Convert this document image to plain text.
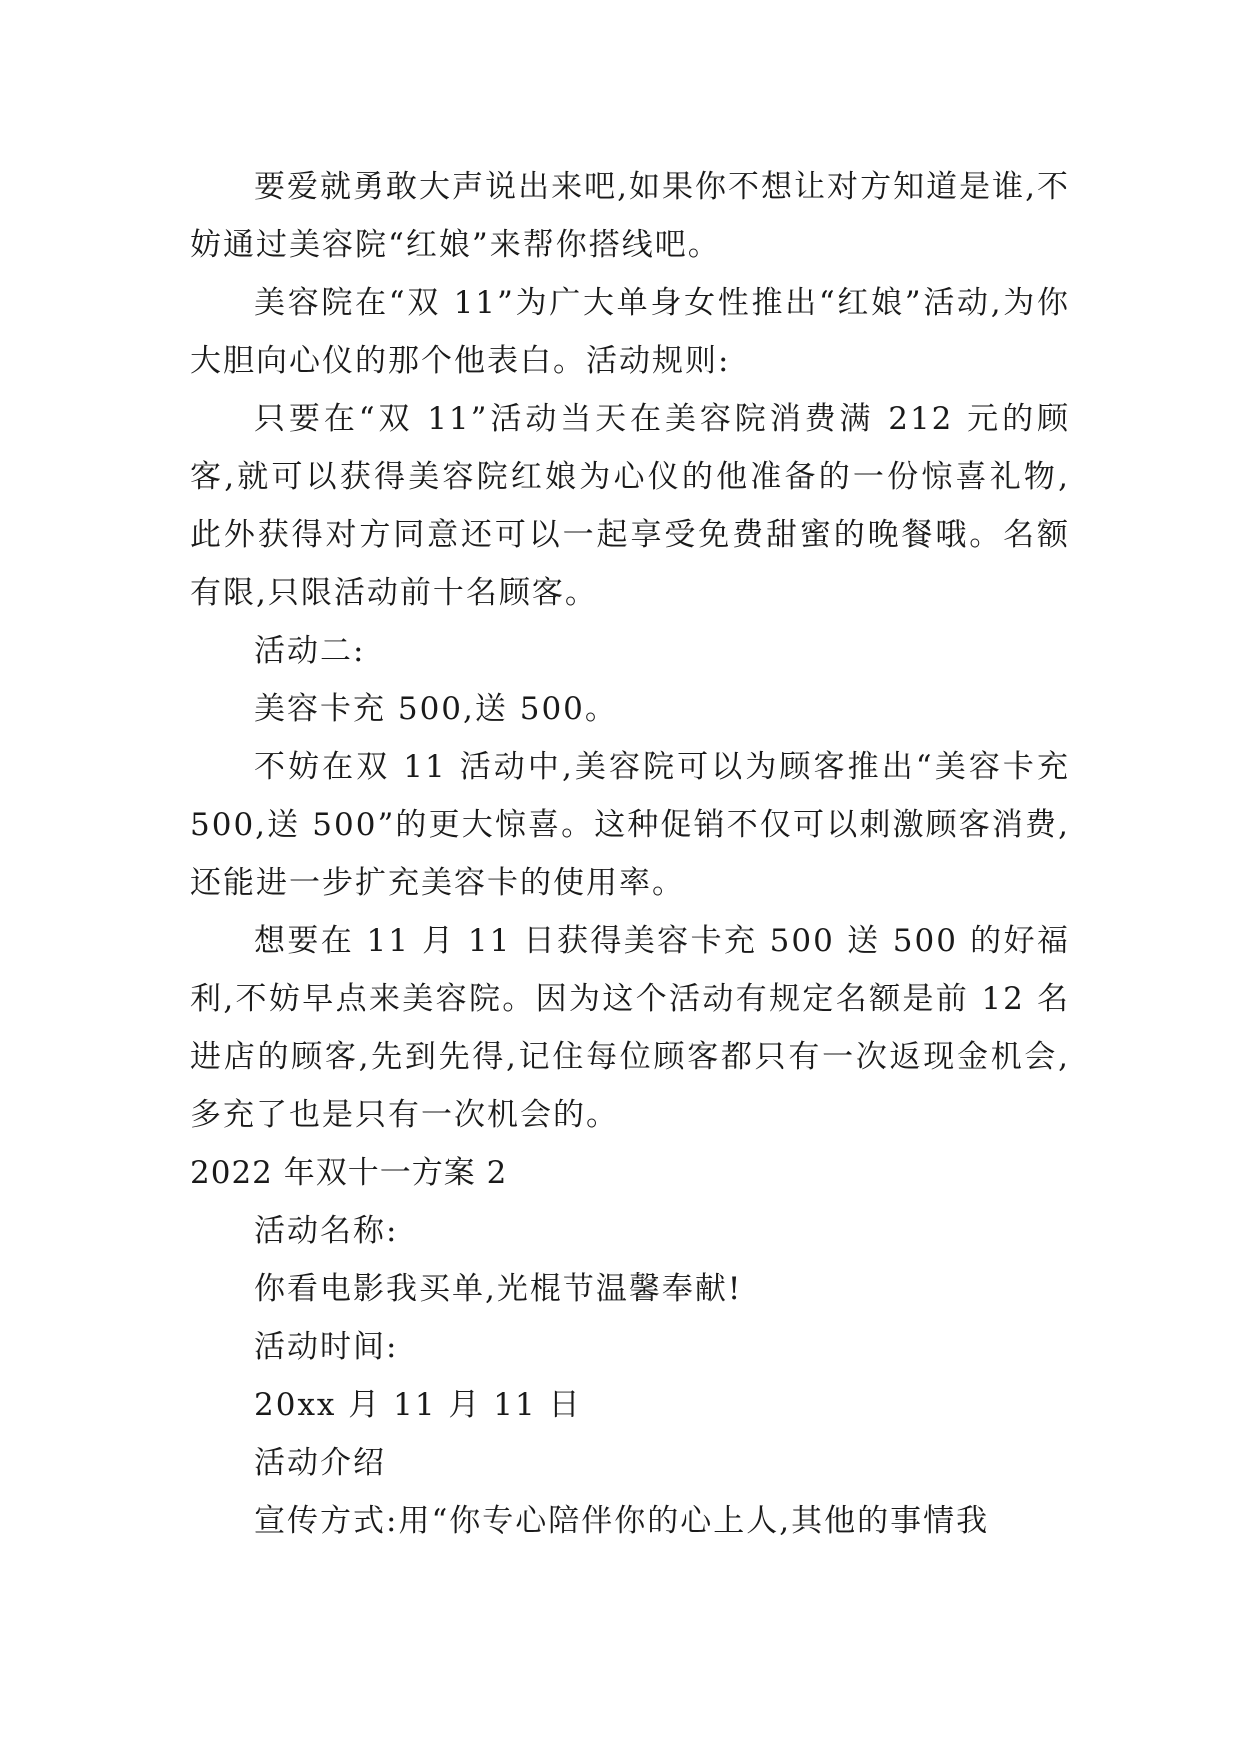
要爱就勇敢大声说出来吧,如果你不想让对方知道是谁,不妨通过美容院“红娘”来帮你搭线吧。

美容院在“双 11”为广大单身女性推出“红娘”活动,为你大胆向心仪的那个他表白。活动规则:

只要在“双 11”活动当天在美容院消费满 212 元的顾客,就可以获得美容院红娘为心仪的他准备的一份惊喜礼物,此外获得对方同意还可以一起享受免费甜蜜的晚餐哦。名额有限,只限活动前十名顾客。

活动二:

美容卡充 500,送 500。

不妨在双 11 活动中,美容院可以为顾客推出“美容卡充 500,送 500”的更大惊喜。这种促销不仅可以刺激顾客消费,还能进一步扩充美容卡的使用率。

想要在 11 月 11 日获得美容卡充 500 送 500 的好福利,不妨早点来美容院。因为这个活动有规定名额是前 12 名进店的顾客,先到先得,记住每位顾客都只有一次返现金机会,多充了也是只有一次机会的。

2022 年双十一方案 2

活动名称:

你看电影我买单,光棍节温馨奉献!

活动时间:

20xx 月 11 月 11 日

活动介绍

宣传方式:用“你专心陪伴你的心上人,其他的事情我
